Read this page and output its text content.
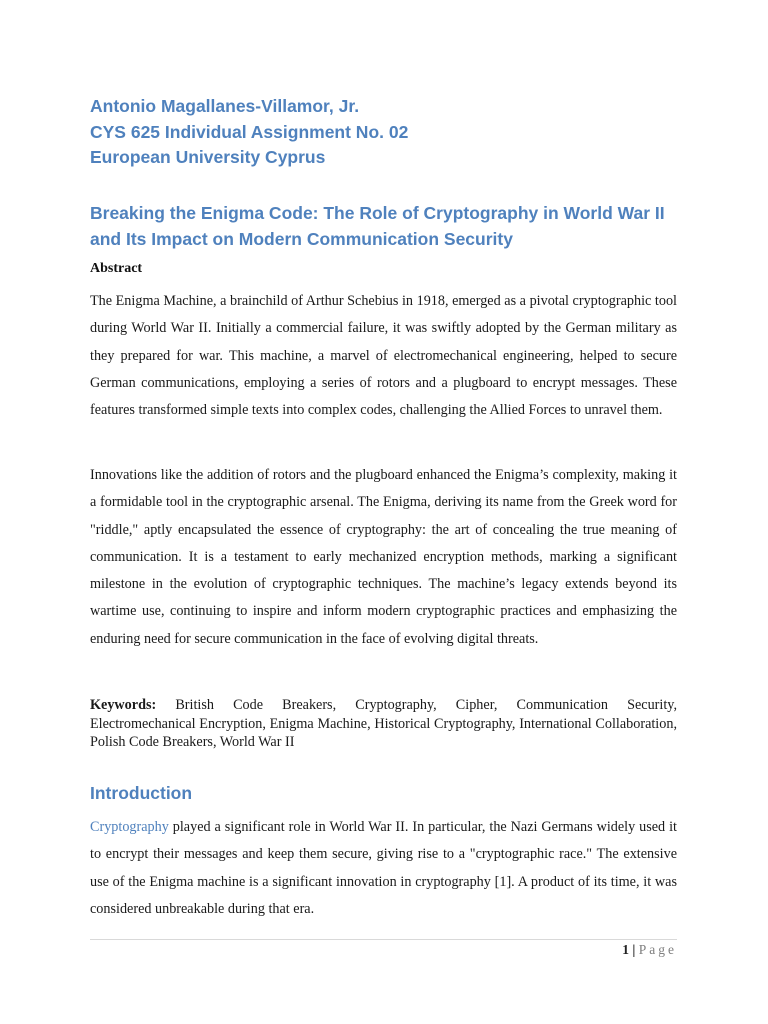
Antonio Magallanes-Villamor, Jr.
CYS 625 Individual Assignment No. 02
European University Cyprus
Breaking the Enigma Code: The Role of Cryptography in World War II and Its Impact on Modern Communication Security
Abstract
The Enigma Machine, a brainchild of Arthur Schebius in 1918, emerged as a pivotal cryptographic tool during World War II. Initially a commercial failure, it was swiftly adopted by the German military as they prepared for war. This machine, a marvel of electromechanical engineering, helped to secure German communications, employing a series of rotors and a plugboard to encrypt messages. These features transformed simple texts into complex codes, challenging the Allied Forces to unravel them.
Innovations like the addition of rotors and the plugboard enhanced the Enigma’s complexity, making it a formidable tool in the cryptographic arsenal. The Enigma, deriving its name from the Greek word for "riddle," aptly encapsulated the essence of cryptography: the art of concealing the true meaning of communication. It is a testament to early mechanized encryption methods, marking a significant milestone in the evolution of cryptographic techniques. The machine’s legacy extends beyond its wartime use, continuing to inspire and inform modern cryptographic practices and emphasizing the enduring need for secure communication in the face of evolving digital threats.
Keywords: British Code Breakers, Cryptography, Cipher, Communication Security, Electromechanical Encryption, Enigma Machine, Historical Cryptography, International Collaboration, Polish Code Breakers, World War II
Introduction
Cryptography played a significant role in World War II. In particular, the Nazi Germans widely used it to encrypt their messages and keep them secure, giving rise to a "cryptographic race." The extensive use of the Enigma machine is a significant innovation in cryptography [1]. A product of its time, it was considered unbreakable during that era.
1 | Page
